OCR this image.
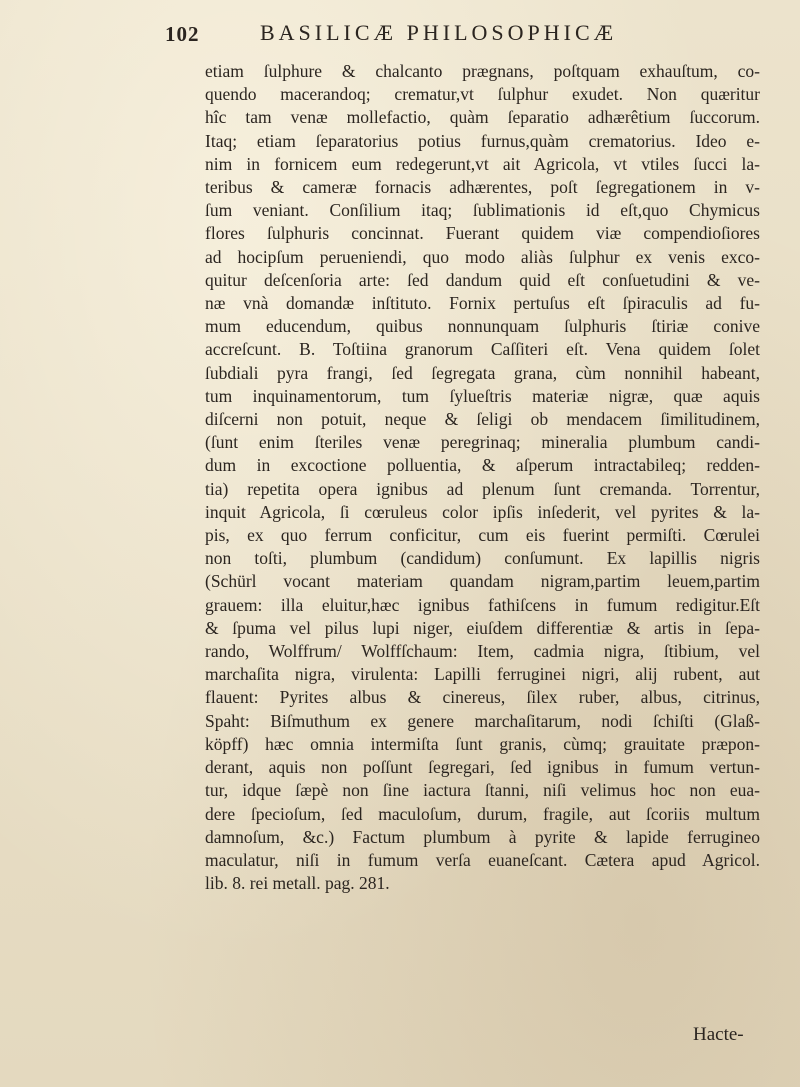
102	BASILICÆ PHILOSOPHICÆ
etiam ſulphure & chalcanto prægnans, poſtquam exhauſtum, co-
quendo macerandoq; crematur,vt ſulphur exudet. Non quæritur
hîc tam venæ mollefactio, quàm ſeparatio adhærêtium ſuccorum.
Itaq; etiam ſeparatorius potius furnus,quàm crematorius. Ideo e-
nim in fornicem eum redegerunt,vt ait Agricola, vt vtiles ſucci la-
teribus & cameræ fornacis adhærentes, poſt ſegregationem in v-
ſum veniant. Conſilium itaq; ſublimationis id eſt,quo Chymicus
flores ſulphuris concinnat. Fuerant quidem viæ compendioſiores
ad hocipſum perueniendi, quo modo aliàs ſulphur ex venis exco-
quitur deſcenſoria arte: ſed dandum quid eſt conſuetudini & ve-
næ vnà domandæ inſtituto. Fornix pertuſus eſt ſpiraculis ad fu-
mum educendum, quibus nonnunquam ſulphuris ſtiriæ conive
accreſcunt. B. Toſtiina granorum Caſſiteri eſt. Vena quidem ſolet
ſubdiali pyra frangi, ſed ſegregata grana, cùm nonnihil habeant,
tum inquinamentorum, tum ſylueſtris materiæ nigræ, quæ aquis
diſcerni non potuit, neque & ſeligi ob mendacem ſimilitudinem,
(ſunt enim ſteriles venæ peregrinaq; mineralia plumbum candi-
dum in excoctione polluentia, & aſperum intractabileq; redden-
tia) repetita opera ignibus ad plenum ſunt cremanda. Torrentur,
inquit Agricola, ſi cœruleus color ipſis inſederit, vel pyrites & la-
pis, ex quo ferrum conficitur, cum eis fuerint permiſti. Cœrulei
non toſti, plumbum (candidum) conſumunt. Ex lapillis nigris
(Schürl vocant materiam quandam nigram,partim leuem,partim
grauem: illa eluitur,hæc ignibus fathiſcens in fumum redigitur.Eſt
& ſpuma vel pilus lupi niger, eiuſdem differentiæ & artis in ſepa-
rando, Wolffrum/ Wolffſchaum: Item, cadmia nigra, ſtibium, vel
marchaſita nigra, virulenta: Lapilli ferruginei nigri, alij rubent, aut
flauent: Pyrites albus & cinereus, ſilex ruber, albus, citrinus,
Spaht: Biſmuthum ex genere marchaſitarum, nodi ſchiſti (Glaß-
köpff) hæc omnia intermiſta ſunt granis, cùmq; grauitate præpon-
derant, aquis non poſſunt ſegregari, ſed ignibus in fumum vertun-
tur, idque ſæpè non ſine iactura ſtanni, niſi velimus hoc non eua-
dere ſpecioſum, ſed maculoſum, durum, fragile, aut ſcoriis multum
damnoſum, &c.) Factum plumbum à pyrite & lapide ferrugineo
maculatur, niſi in fumum verſa euanеſcant. Cætera apud Agricol.
lib. 8. rei metall. pag. 281.
Hacte-
